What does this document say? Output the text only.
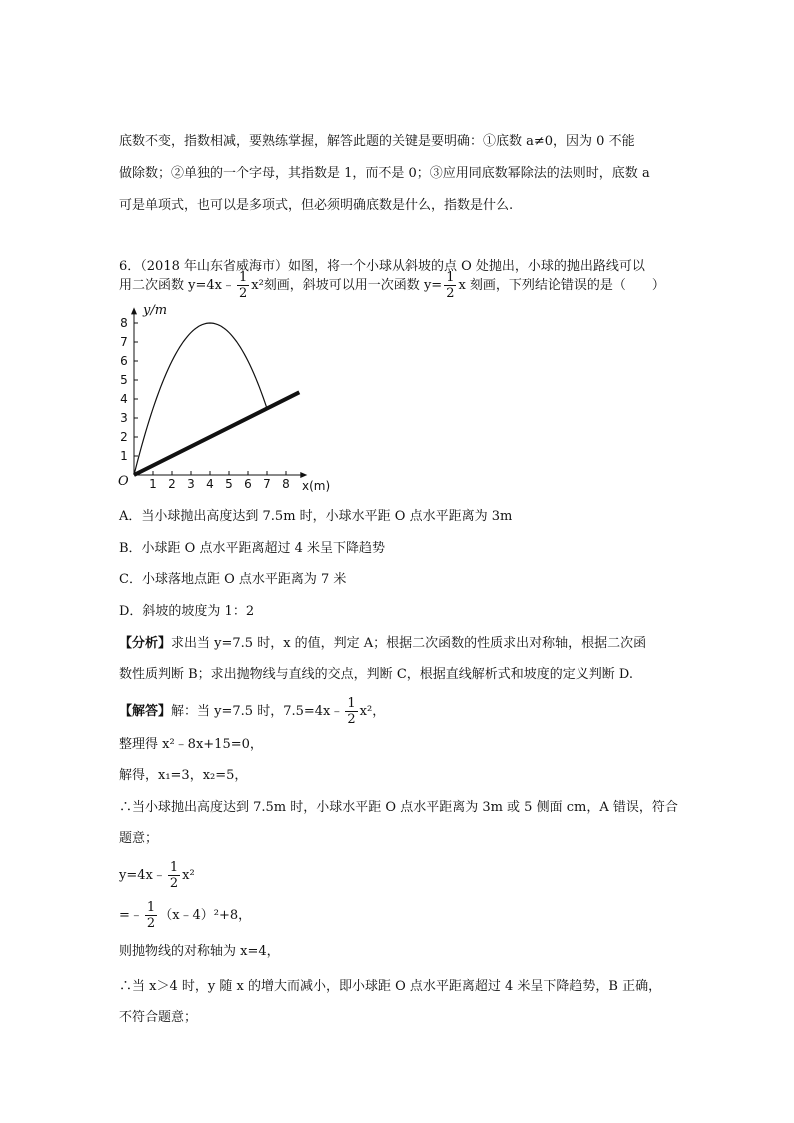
底数不变，指数相减，要熟练掌握，解答此题的关键是要明确：①底数 a≠0，因为 0 不能
做除数；②单独的一个字母，其指数是 1，而不是 0；③应用同底数幂除法的法则时，底数 a
可是单项式，也可以是多项式，但必须明确底数是什么，指数是什么.
6．（2018 年山东省威海市）如图，将一个小球从斜坡的点 O 处抛出，小球的抛出路线可以
用二次函数 y=4x﹣ $\frac{1}{2} x^2$刻画，斜坡可以用一次函数 $y= \frac{1}{2}$ x 刻画，下列结论错误的是（　　）
1 2 3 4 5 6 7 8
1
2
3
4
5
6
7
8
y/m
O	x(m)
A．当小球抛出高度达到 7.5m 时，小球水平距 O 点水平距离为 3m
B．小球距 O 点水平距离超过 4 米呈下降趋势
C．小球落地点距 O 点水平距离为 7 米
D．斜坡的坡度为 1：2
【分析】求出当 y=7.5 时，x 的值，判定 A；根据二次函数的性质求出对称轴，根据二次函
数性质判断 B；求出抛物线与直线的交点，判断 C，根据直线解析式和坡度的定义判断 D.
【解答】解：当 y=7.5 时，7.5=4x﹣ $\frac{1}{2} x^2$，
整理得 x²﹣8x+15=0，
解得，x₁=3，x₂=5，
∴当小球抛出高度达到 7.5m 时，小球水平距 O 点水平距离为 3m 或 5 侧面 cm，A 错误，符合
题意；
y=4x﹣ $\frac{1}{2} x^2$
=﹣ $\frac{1}{2}$ （x﹣4）²+8，
则抛物线的对称轴为 x=4，
∴当 x＞4 时，y 随 x 的增大而减小，即小球距 O 点水平距离超过 4 米呈下降趋势，B 正确，
不符合题意；
